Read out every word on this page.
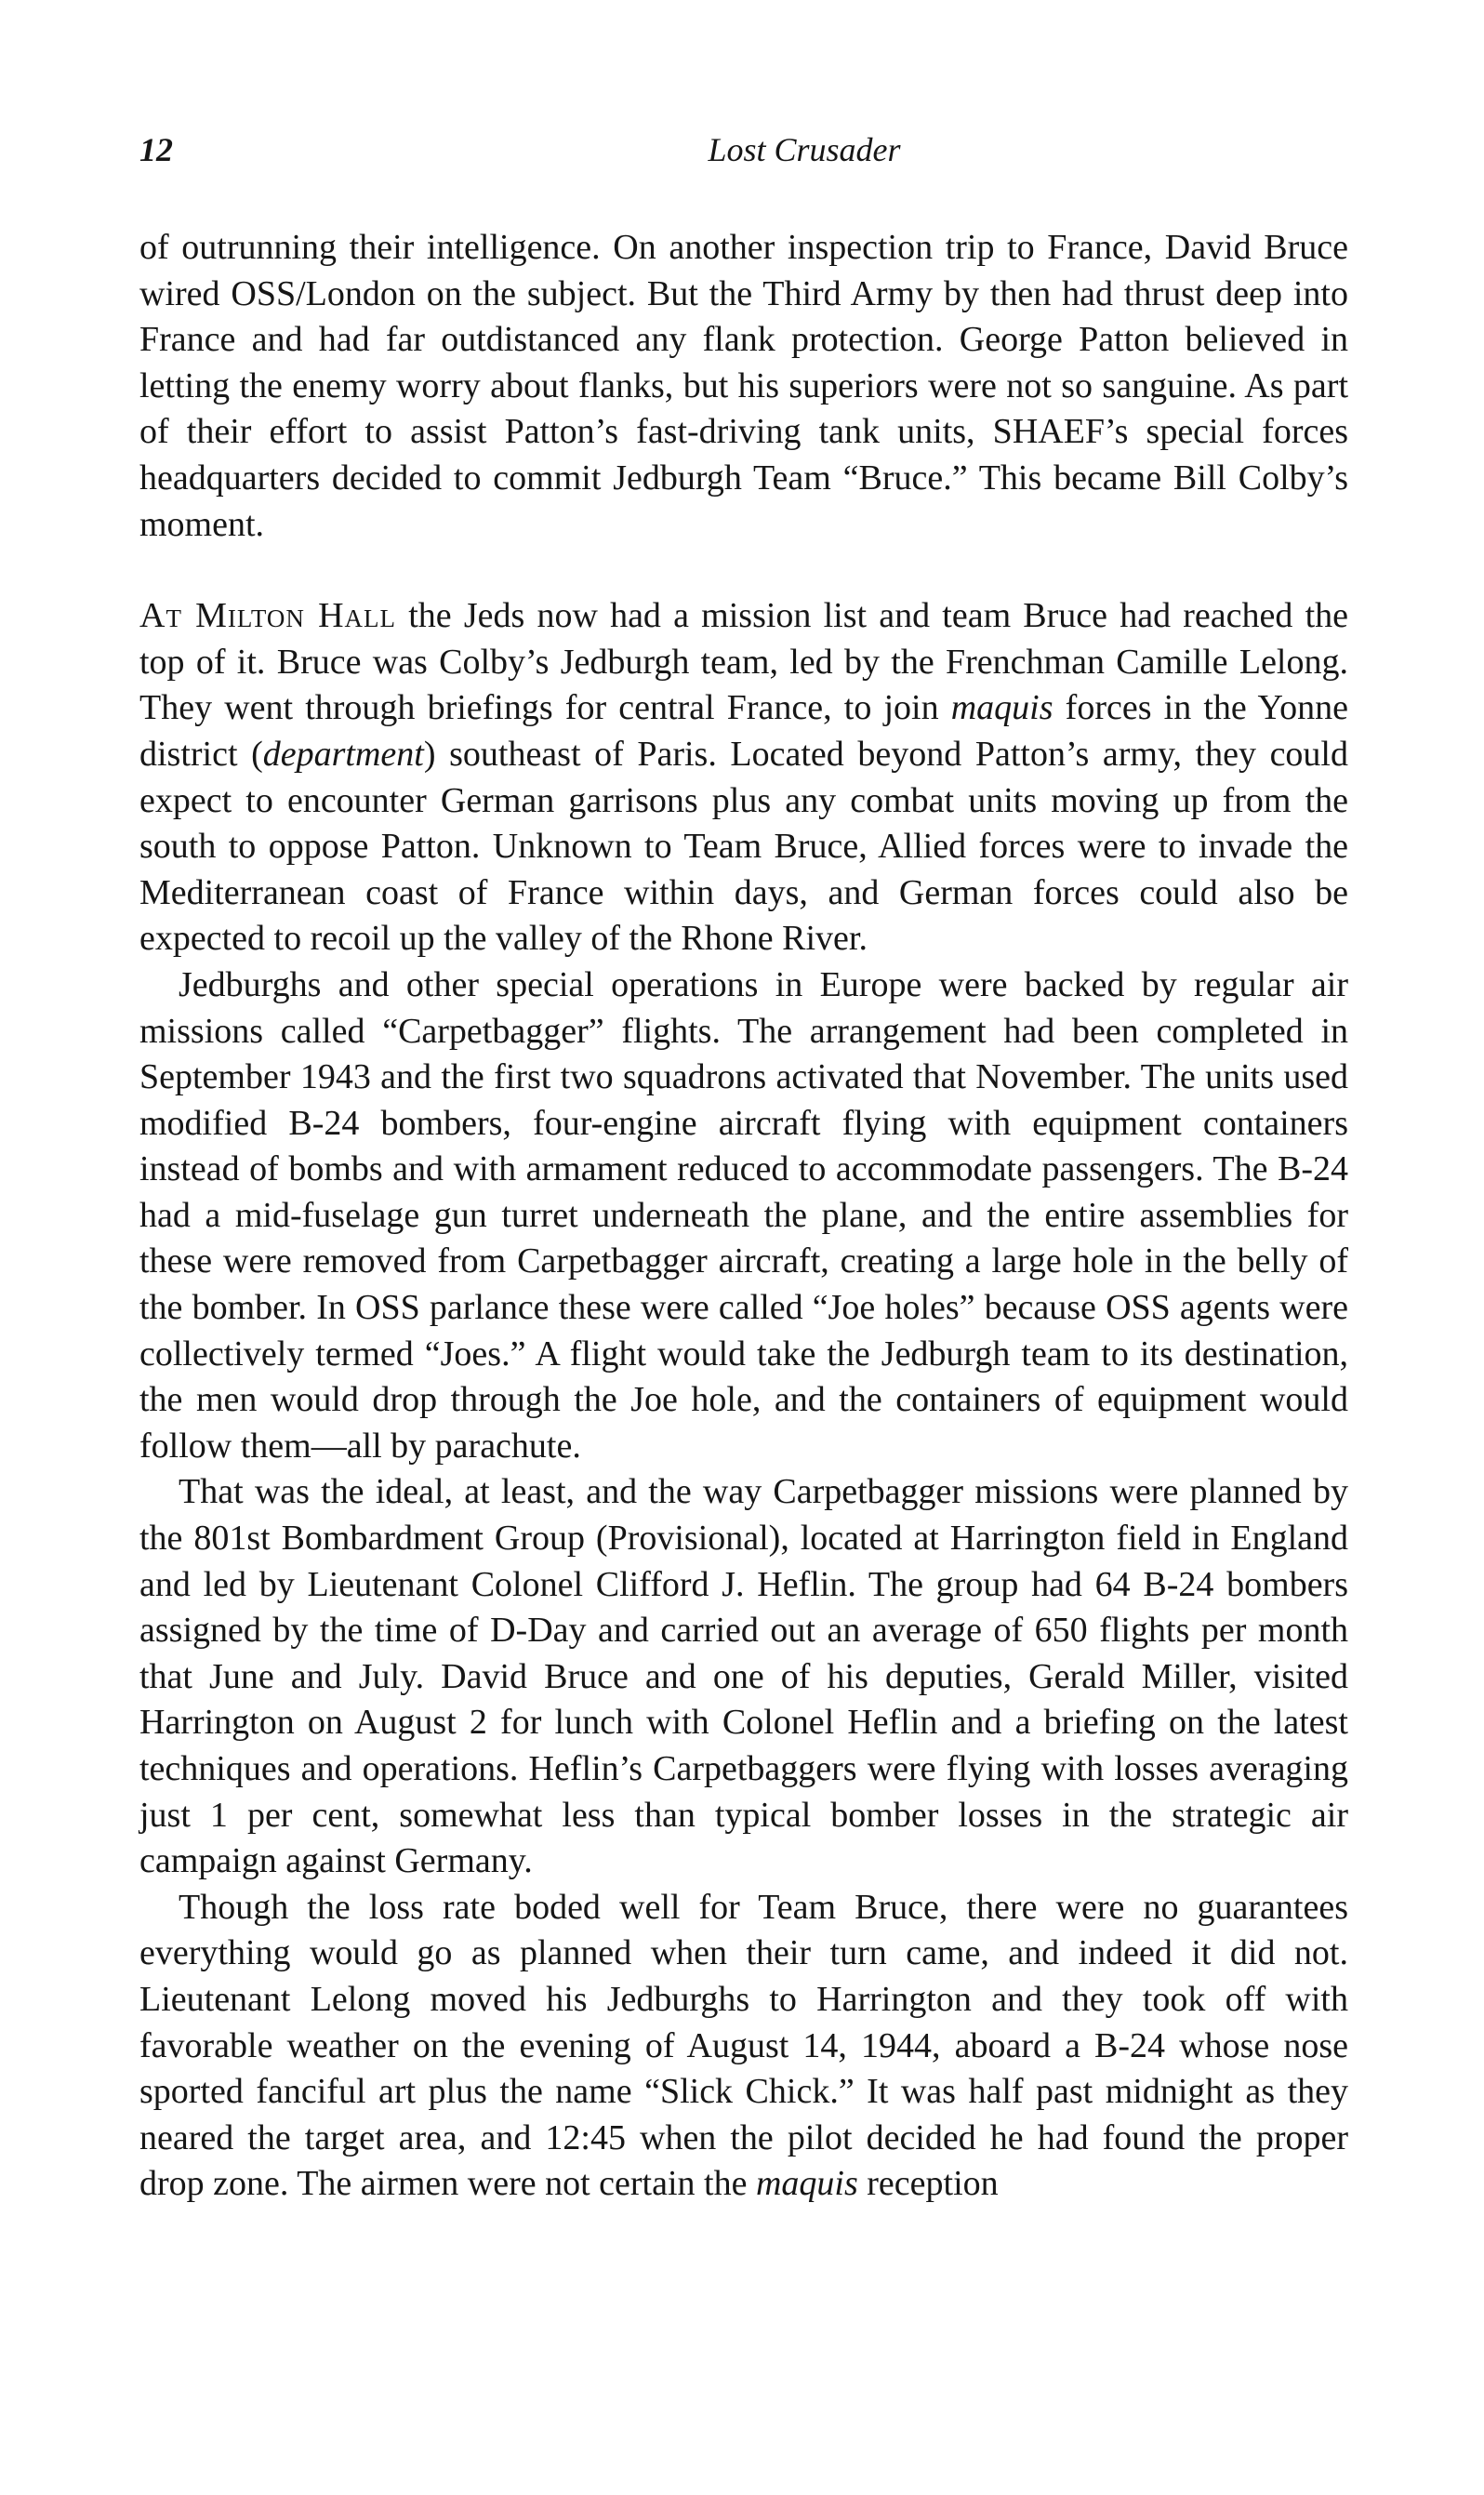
12	Lost Crusader

of outrunning their intelligence. On another inspection trip to France, David Bruce wired OSS/London on the subject. But the Third Army by then had thrust deep into France and had far outdistanced any flank protection. George Patton believed in letting the enemy worry about flanks, but his superiors were not so sanguine. As part of their effort to assist Patton’s fast-driving tank units, SHAEF’s special forces headquarters decided to commit Jedburgh Team “Bruce.” This became Bill Colby’s moment.

At Milton Hall the Jeds now had a mission list and team Bruce had reached the top of it. Bruce was Colby’s Jedburgh team, led by the Frenchman Camille Lelong. They went through briefings for central France, to join maquis forces in the Yonne district (department) southeast of Paris. Located beyond Patton’s army, they could expect to encounter German garrisons plus any combat units moving up from the south to oppose Patton. Unknown to Team Bruce, Allied forces were to invade the Mediterranean coast of France within days, and German forces could also be expected to recoil up the valley of the Rhone River.

Jedburghs and other special operations in Europe were backed by regular air missions called “Carpetbagger” flights. The arrangement had been completed in September 1943 and the first two squadrons activated that November. The units used modified B-24 bombers, four-engine aircraft flying with equipment containers instead of bombs and with armament reduced to accommodate passengers. The B-24 had a mid-fuselage gun turret underneath the plane, and the entire assemblies for these were removed from Carpetbagger aircraft, creating a large hole in the belly of the bomber. In OSS parlance these were called “Joe holes” because OSS agents were collectively termed “Joes.” A flight would take the Jedburgh team to its destination, the men would drop through the Joe hole, and the containers of equipment would follow them—all by parachute.

That was the ideal, at least, and the way Carpetbagger missions were planned by the 801st Bombardment Group (Provisional), located at Harrington field in England and led by Lieutenant Colonel Clifford J. Heflin. The group had 64 B-24 bombers assigned by the time of D-Day and carried out an average of 650 flights per month that June and July. David Bruce and one of his deputies, Gerald Miller, visited Harrington on August 2 for lunch with Colonel Heflin and a briefing on the latest techniques and operations. Heflin’s Carpetbaggers were flying with losses averaging just 1 per cent, somewhat less than typical bomber losses in the strategic air campaign against Germany.

Though the loss rate boded well for Team Bruce, there were no guarantees everything would go as planned when their turn came, and indeed it did not. Lieutenant Lelong moved his Jedburghs to Harrington and they took off with favorable weather on the evening of August 14, 1944, aboard a B-24 whose nose sported fanciful art plus the name “Slick Chick.” It was half past midnight as they neared the target area, and 12:45 when the pilot decided he had found the proper drop zone. The airmen were not certain the maquis reception
